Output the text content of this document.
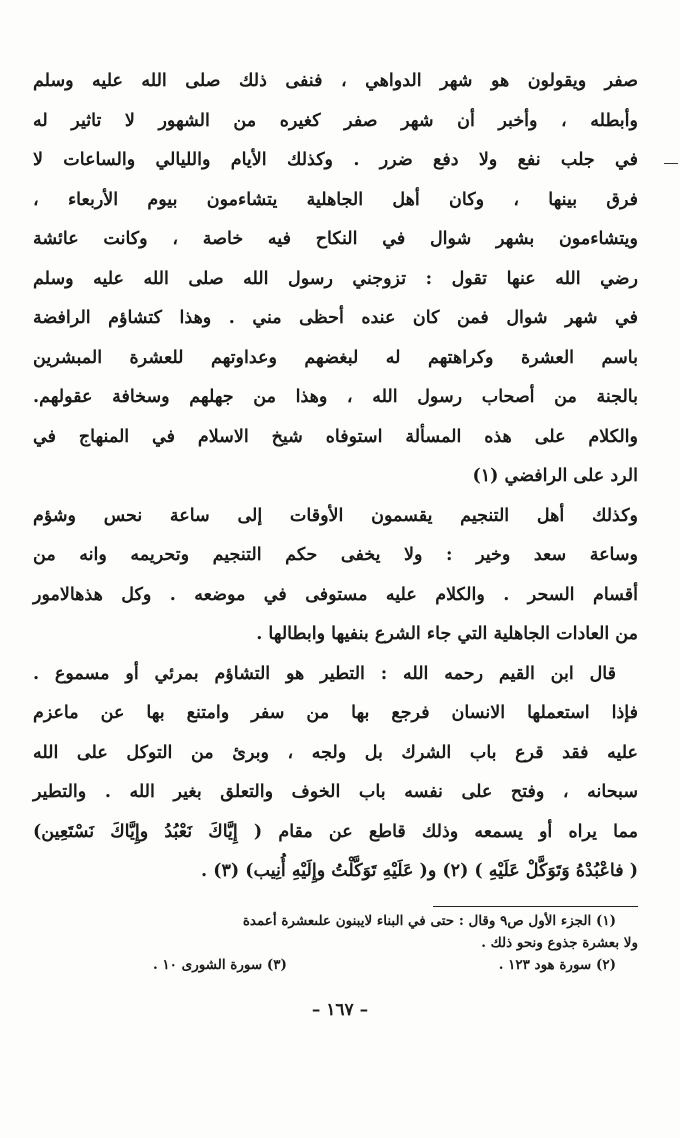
صفر ويقولون هو شهر الدواهي ، فنفى ذلك صلى الله عليه وسلم
وأبطله ، وأخبر أن شهر صفر كغيره من الشهور لا تاثير له
في جلب نفع ولا دفع ضرر . وكذلك الأيام والليالي والساعات لا
فرق بينها ، وكان أهل الجاهلية يتشاءمون بيوم الأربعاء ،
ويتشاءمون بشهر شوال في النكاح فيه خاصة ، وكانت عائشة
رضي الله عنها تقول : تزوجني رسول الله صلى الله عليه وسلم
في شهر شوال فمن كان عنده أحظى مني . وهذا كتشاؤم الرافضة
باسم العشرة وكراهتهم له لبغضهم وعداوتهم للعشرة المبشرين
بالجنة من أصحاب رسول الله ، وهذا من جهلهم وسخافة عقولهم.
والكلام على هذه المسألة استوفاه شيخ الاسلام في المنهاج في
الرد على الرافضي (١)
وكذلك أهل التنجيم يقسمون الأوقات إلى ساعة نحس وشؤم
وساعة سعد وخير : ولا يخفى حكم التنجيم وتحريمه وانه من
أقسام السحر . والكلام عليه مستوفى في موضعه . وكل هذهالامور
من العادات الجاهلية التي جاء الشرع بنفيها وابطالها .
قال ابن القيم رحمه الله : التطير هو التشاؤم بمرئي أو مسموع .
فإذا استعملها الانسان فرجع بها من سفر وامتنع بها عن ماعزم
عليه فقد قرع باب الشرك بل ولجه ، وبرئ من التوكل على الله
سبحانه ، وفتح على نفسه باب الخوف والتعلق بغير الله . والتطير
مما يراه أو يسمعه وذلك قاطع عن مقام ( إِيَّاكَ نَعْبُدُ وإِيَّاكَ نَسْتَعِين)
( فاعْبُدْهُ وَتَوَكَّلْ عَلَيْهِ ) (٢) و( عَلَيْهِ تَوَكَّلْتُ وإِلَيْهِ أُنِيب) (٣) .
(١) الجزء الأول ص٩ وقال : حتى في البناء لايبنون علىعشرة أعمدة
ولا بعشرة جذوع ونحو ذلك .
(٢) سورة هود ١٢٣ .
(٣) سورة الشورى ١٠ .
– ١٦٧ –
